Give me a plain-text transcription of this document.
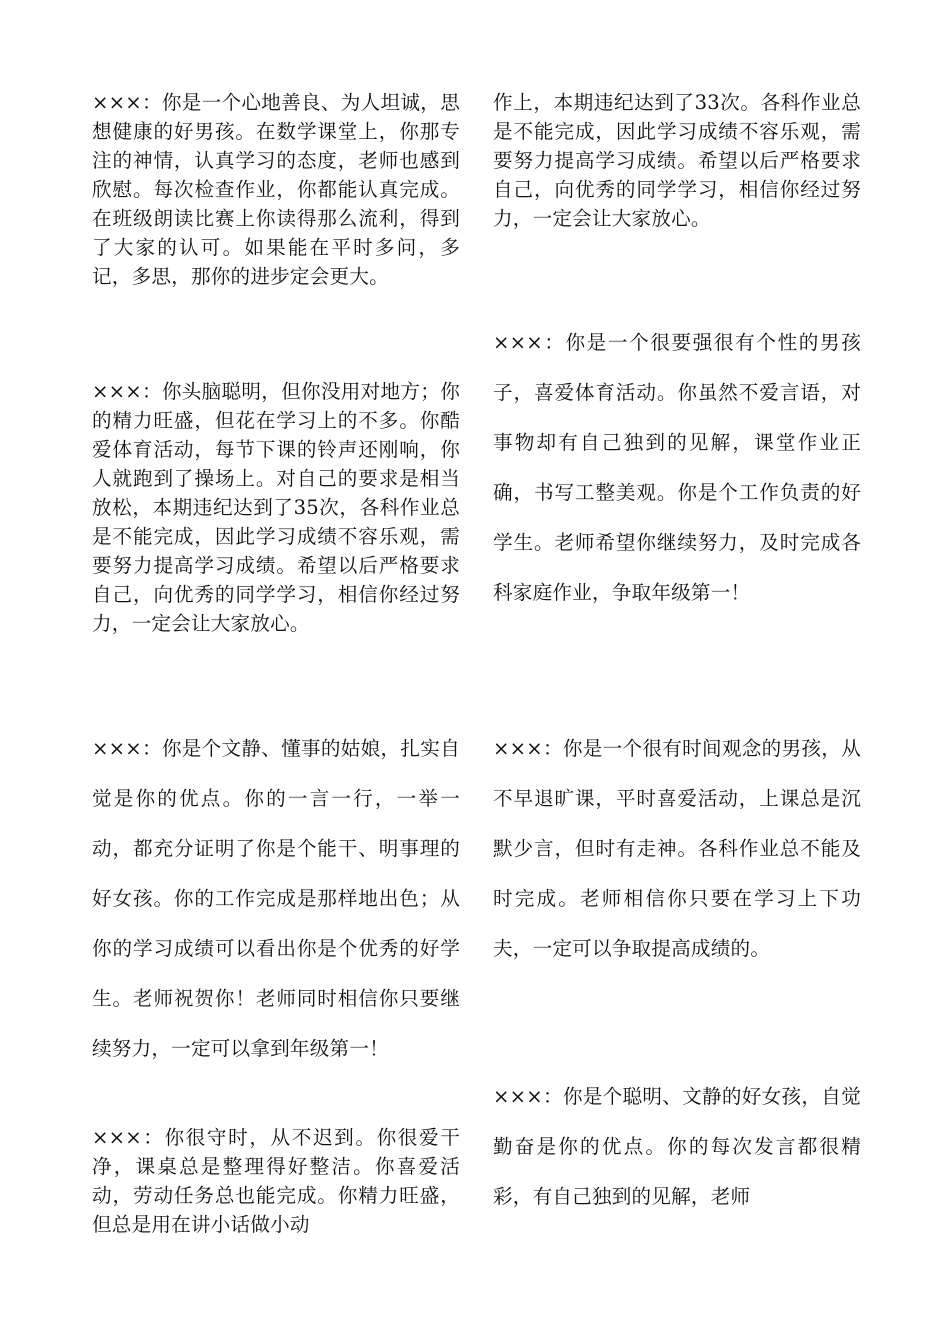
×××：你是一个心地善良、为人坦诚，思想健康的好男孩。在数学课堂上，你那专注的神情，认真学习的态度，老师也感到欣慰。每次检查作业，你都能认真完成。在班级朗读比赛上你读得那么流利，得到了大家的认可。如果能在平时多问，多记，多思，那你的进步定会更大。

×××：你头脑聪明，但你没用对地方；你的精力旺盛，但花在学习上的不多。你酷爱体育活动，每节下课的铃声还刚响，你人就跑到了操场上。对自己的要求是相当放松，本期违纪达到了35次，各科作业总是不能完成，因此学习成绩不容乐观，需要努力提高学习成绩。希望以后严格要求自己，向优秀的同学学习，相信你经过努力，一定会让大家放心。

×××：你是个文静、懂事的姑娘，扎实自觉是你的优点。你的一言一行，一举一动，都充分证明了你是个能干、明事理的好女孩。你的工作完成是那样地出色；从你的学习成绩可以看出你是个优秀的好学生。老师祝贺你！老师同时相信你只要继续努力，一定可以拿到年级第一！

×××：你很守时，从不迟到。你很爱干净，课桌总是整理得好整洁。你喜爱活动，劳动任务总也能完成。你精力旺盛，但总是用在讲小话做小动

作上，本期违纪达到了33次。各科作业总是不能完成，因此学习成绩不容乐观，需要努力提高学习成绩。希望以后严格要求自己，向优秀的同学学习，相信你经过努力，一定会让大家放心。

×××：你是一个很要强很有个性的男孩子，喜爱体育活动。你虽然不爱言语，对事物却有自己独到的见解，课堂作业正确，书写工整美观。你是个工作负责的好学生。老师希望你继续努力，及时完成各科家庭作业，争取年级第一！

×××：你是一个很有时间观念的男孩，从不早退旷课，平时喜爱活动，上课总是沉默少言，但时有走神。各科作业总不能及时完成。老师相信你只要在学习上下功夫，一定可以争取提高成绩的。

×××：你是个聪明、文静的好女孩，自觉勤奋是你的优点。你的每次发言都很精彩，有自己独到的见解，老师
